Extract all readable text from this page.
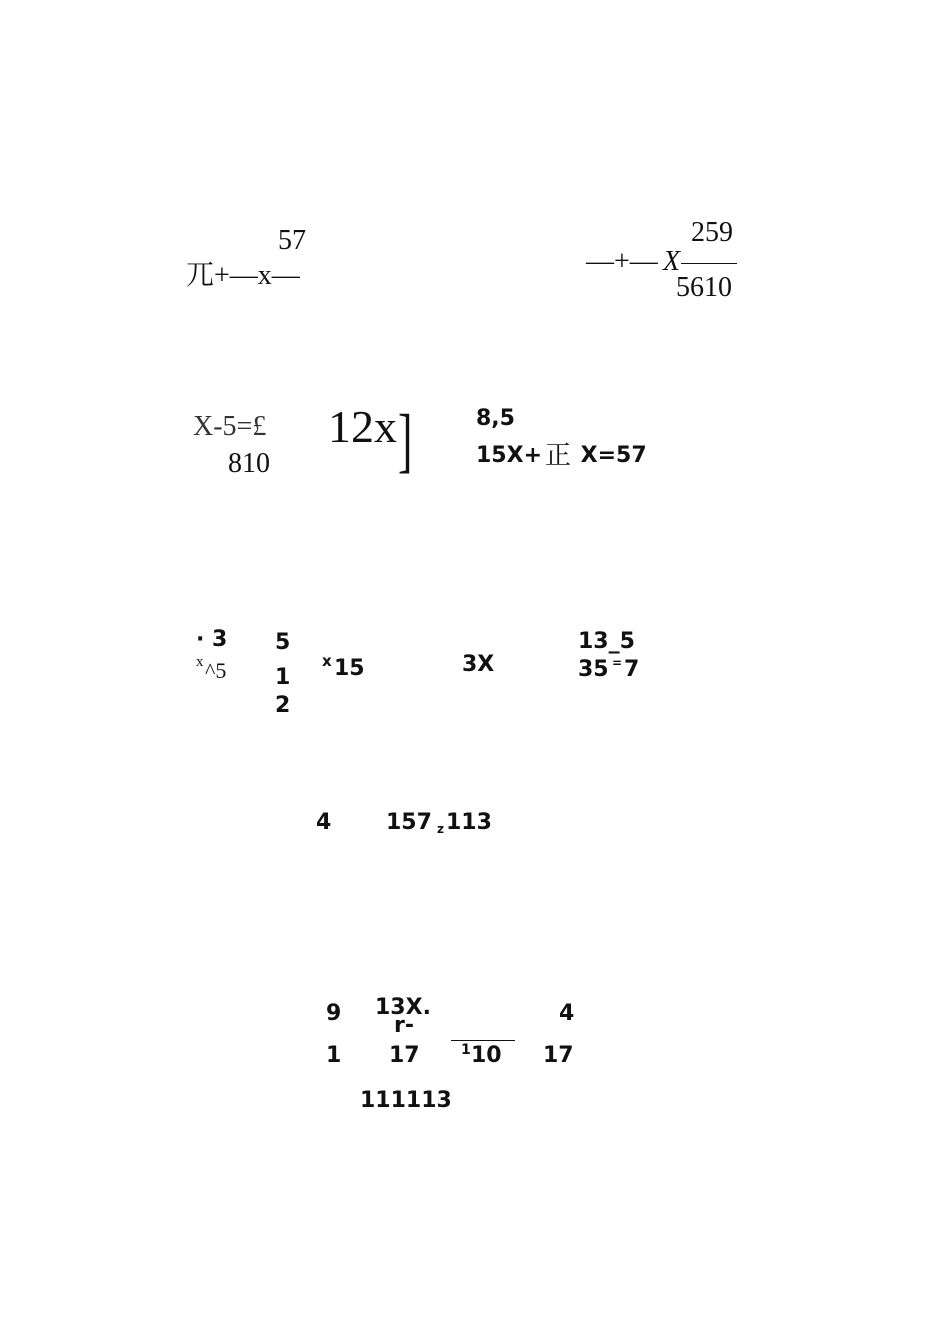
57
兀+—x—
259
—+— X
5610
X-5=£
810
12x ]	8,5
15X+ 正 X=57
· 3
x ^5
5
1
2
x 15	3X
13_5
35 = 7
4 157 z 113
9
1
13X.
r-
17	1 10
4
17
111113
